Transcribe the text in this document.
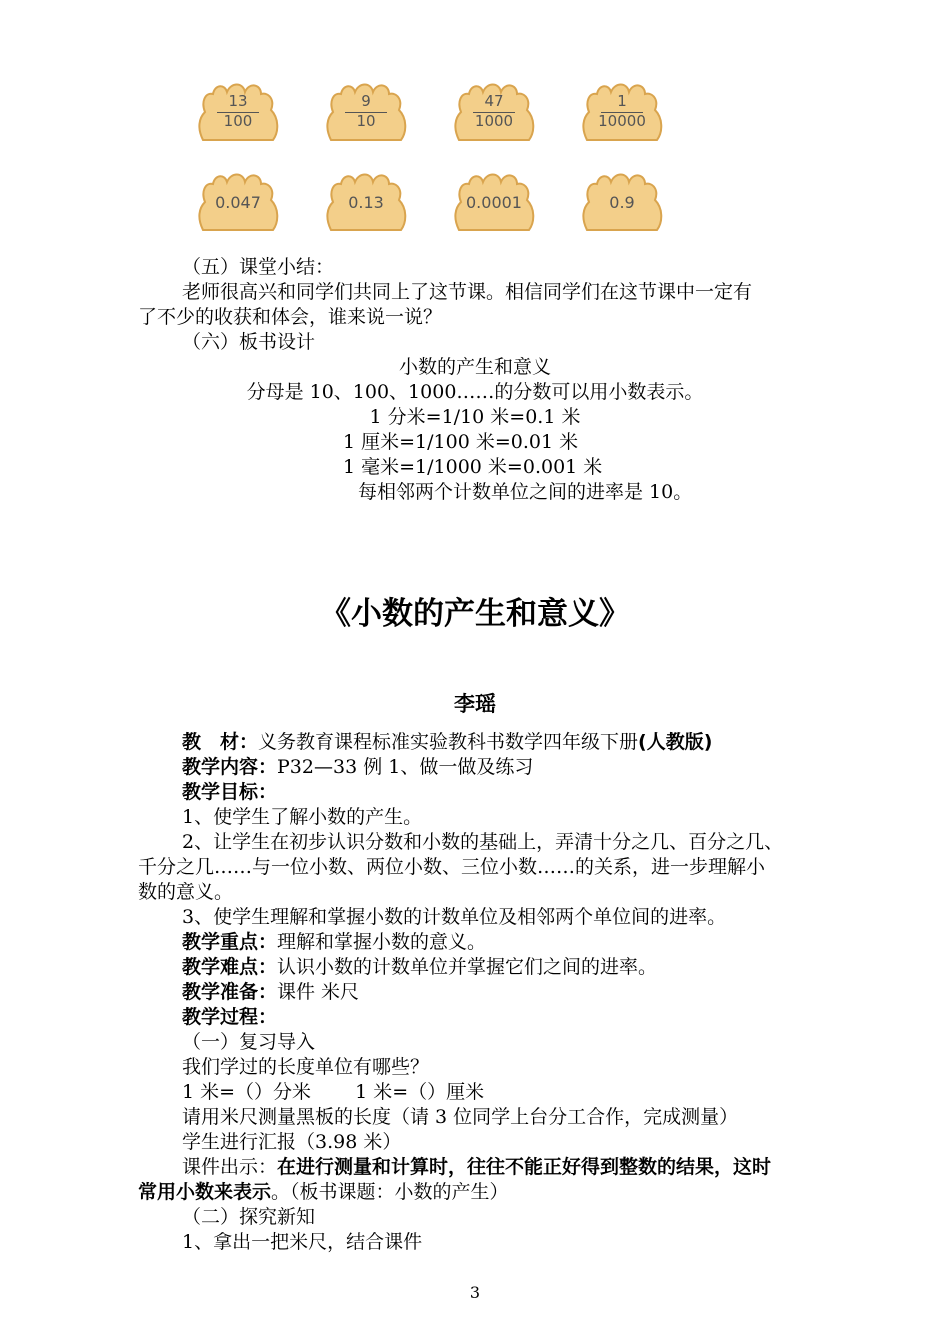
$\frac{13}{100}$	$\frac{9}{10}$	$\frac{47}{1000}$	$\frac{1}{10000}$
0.047	0.13	0.0001	0.9
（五）课堂小结：
老师很高兴和同学们共同上了这节课。相信同学们在这节课中一定有
了不少的收获和体会，谁来说一说？
（六）板书设计
小数的产生和意义
分母是 10、100、1000……的分数可以用小数表示。
1 分米=1/10 米=0.1 米
1 厘米=1/100 米=0.01 米
1 毫米=1/1000 米=0.001 米
每相邻两个计数单位之间的进率是 10。
《小数的产生和意义》
李瑶
教　材：义务教育课程标准实验教科书数学四年级下册(人教版)
教学内容：P32—33 例 1、做一做及练习
教学目标：
1、使学生了解小数的产生。
2、让学生在初步认识分数和小数的基础上，弄清十分之几、百分之几、
千分之几……与一位小数、两位小数、三位小数……的关系，进一步理解小
数的意义。
3、使学生理解和掌握小数的计数单位及相邻两个单位间的进率。
教学重点：理解和掌握小数的意义。
教学难点：认识小数的计数单位并掌握它们之间的进率。
教学准备：课件 米尺
教学过程：
（一）复习导入
我们学过的长度单位有哪些？
1 米=（）分米　　 1 米=（）厘米
请用米尺测量黑板的长度（请 3 位同学上台分工合作，完成测量）
学生进行汇报（3.98 米）
课件出示：在进行测量和计算时，往往不能正好得到整数的结果，这时
常用小数来表示。（板书课题：小数的产生）
（二）探究新知
1、拿出一把米尺，结合课件
3
